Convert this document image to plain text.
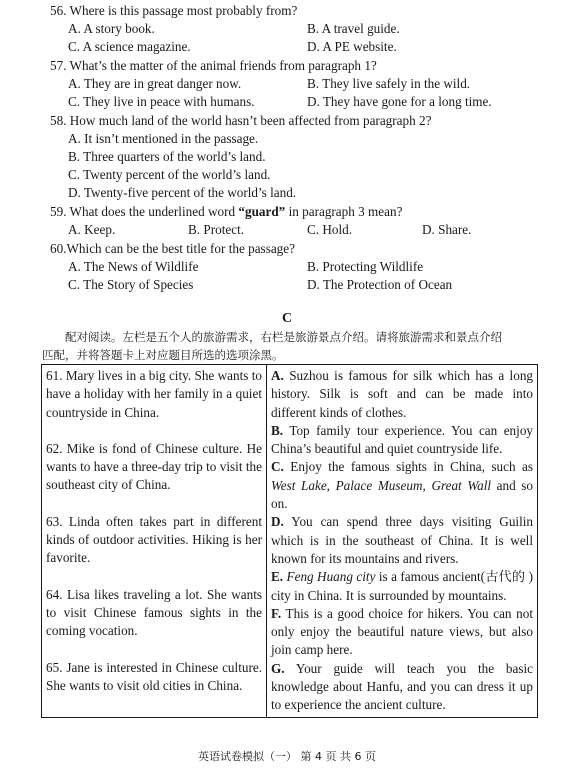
56. Where is this passage most probably from?
A. A story book.	B. A travel guide.
C. A science magazine.	D. A PE website.
57. What’s the matter of the animal friends from paragraph 1?
A. They are in great danger now.	B. They live safely in the wild.
C. They live in peace with humans.	D. They have gone for a long time.
58. How much land of the world hasn’t been affected from paragraph 2?
A. It isn’t mentioned in the passage.
B. Three quarters of the world’s land.
C. Twenty percent of the world’s land.
D. Twenty-five percent of the world’s land.
59. What does the underlined word “guard” in paragraph 3 mean?
A. Keep.	B. Protect.	C. Hold.	D. Share.
60.Which can be the best title for the passage?
A. The News of Wildlife	B. Protecting Wildlife
C. The Story of Species	D. The Protection of Ocean
C
配对阅读。左栏是五个人的旅游需求，右栏是旅游景点介绍。请将旅游需求和景点介绍
匹配，并将答题卡上对应题目所选的选项涂黑。
61. Mary lives in a big city. She wants to have a holiday with her family in a quiet countryside in China.
62. Mike is fond of Chinese culture. He wants to have a three-day trip to visit the southeast city of China.
63. Linda often takes part in different kinds of outdoor activities. Hiking is her favorite.
64. Lisa likes traveling a lot. She wants to visit Chinese famous sights in the coming vocation.
65. Jane is interested in Chinese culture. She wants to visit old cities in China.

A. Suzhou is famous for silk which has a long history. Silk is soft and can be made into different kinds of clothes.
B. Top family tour experience. You can enjoy China’s beautiful and quiet countryside life.
C. Enjoy the famous sights in China, such as West Lake, Palace Museum, Great Wall and so on.
D. You can spend three days visiting Guilin which is in the southeast of China. It is well known for its mountains and rivers.
E. Feng Huang city is a famous ancient(古代的 ) city in China. It is surrounded by mountains.
F. This is a good choice for hikers. You can not only enjoy the beautiful nature views, but also join camp here.
G. Your guide will teach you the basic knowledge about Hanfu, and you can dress it up to experience the ancient culture.
英语试卷模拟（一） 第 4 页 共 6 页
